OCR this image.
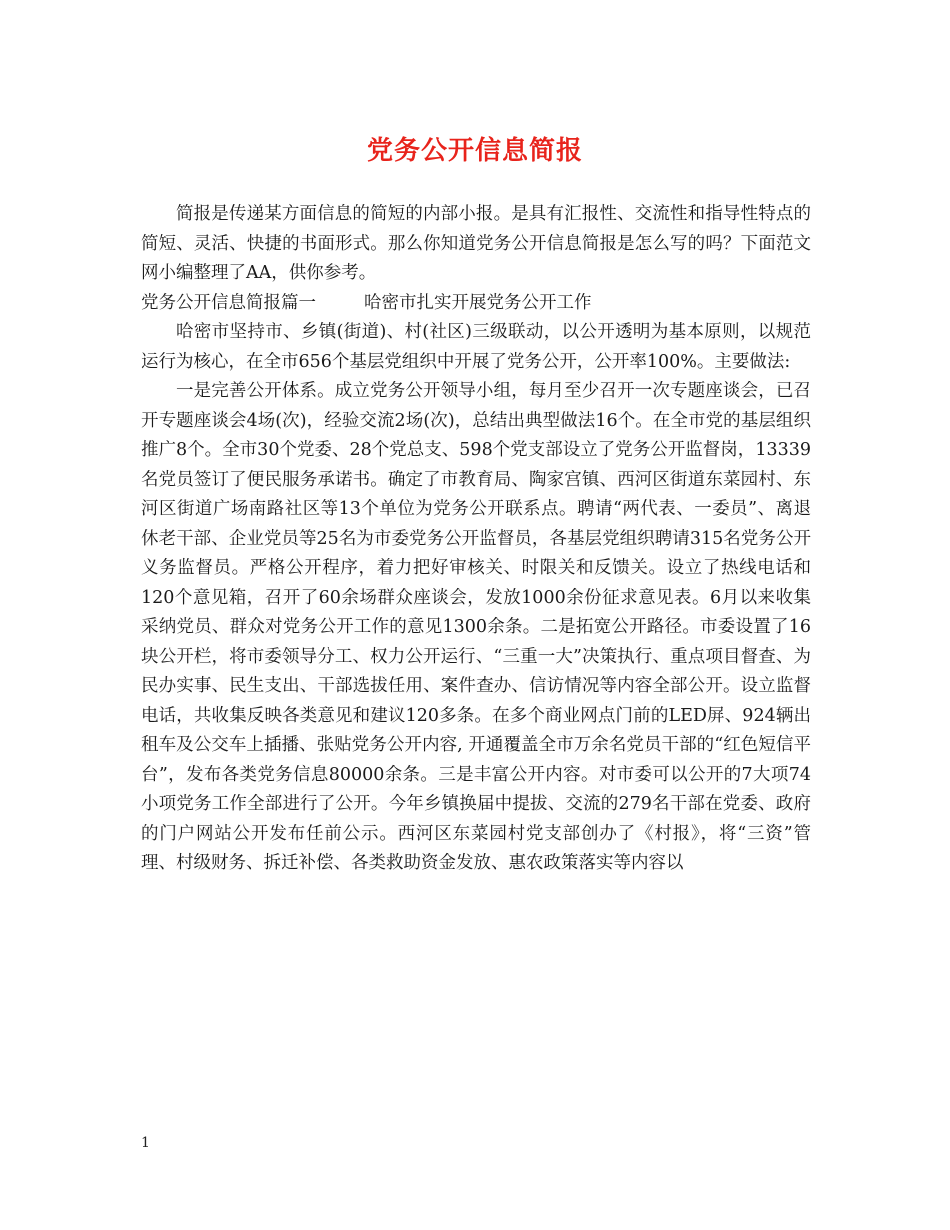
党务公开信息简报

简报是传递某方面信息的简短的内部小报。是具有汇报性、交流性和指导性特点的简短、灵活、快捷的书面形式。那么你知道党务公开信息简报是怎么写的吗？下面范文网小编整理了AA，供你参考。

党务公开信息简报篇一	哈密市扎实开展党务公开工作

哈密市坚持市、乡镇(街道)、村(社区)三级联动，以公开透明为基本原则，以规范运行为核心，在全市656个基层党组织中开展了党务公开，公开率100%。主要做法:

一是完善公开体系。成立党务公开领导小组，每月至少召开一次专题座谈会，已召开专题座谈会4场(次)，经验交流2场(次)，总结出典型做法16个。在全市党的基层组织推广8个。全市30个党委、28个党总支、598个党支部设立了党务公开监督岗，13339名党员签订了便民服务承诺书。确定了市教育局、陶家宫镇、西河区街道东菜园村、东河区街道广场南路社区等13个单位为党务公开联系点。聘请“两代表、一委员”、离退休老干部、企业党员等25名为市委党务公开监督员，各基层党组织聘请315名党务公开义务监督员。严格公开程序，着力把好审核关、时限关和反馈关。设立了热线电话和120个意见箱，召开了60余场群众座谈会，发放1000余份征求意见表。6月以来收集采纳党员、群众对党务公开工作的意见1300余条。二是拓宽公开路径。市委设置了16块公开栏，将市委领导分工、权力公开运行、“三重一大”决策执行、重点项目督查、为民办实事、民生支出、干部选拔任用、案件查办、信访情况等内容全部公开。设立监督电话，共收集反映各类意见和建议120多条。在多个商业网点门前的LED屏、924辆出租车及公交车上插播、张贴党务公开内容, 开通覆盖全市万余名党员干部的“红色短信平台”，发布各类党务信息80000余条。三是丰富公开内容。对市委可以公开的7大项74小项党务工作全部进行了公开。今年乡镇换届中提拔、交流的279名干部在党委、政府的门户网站公开发布任前公示。西河区东菜园村党支部创办了《村报》，将“三资”管理、村级财务、拆迁补偿、各类救助资金发放、惠农政策落实等内容以

1
